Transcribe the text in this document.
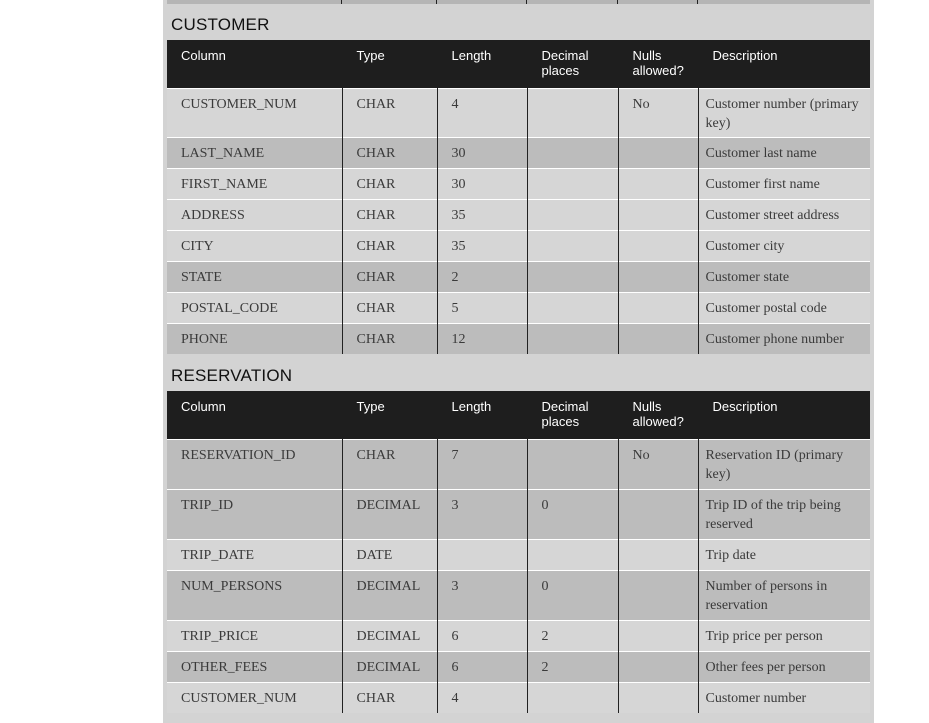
CUSTOMER
Column	Type	Length	Decimal places	Nulls allowed?	Description
CUSTOMER_NUM	CHAR	4		No	Customer number (primary key)
LAST_NAME	CHAR	30			Customer last name
FIRST_NAME	CHAR	30			Customer first name
ADDRESS	CHAR	35			Customer street address
CITY	CHAR	35			Customer city
STATE	CHAR	2			Customer state
POSTAL_CODE	CHAR	5			Customer postal code
PHONE	CHAR	12			Customer phone number
RESERVATION
Column	Type	Length	Decimal places	Nulls allowed?	Description
RESERVATION_ID	CHAR	7		No	Reservation ID (primary key)
TRIP_ID	DECIMAL	3	0		Trip ID of the trip being reserved
TRIP_DATE	DATE				Trip date
NUM_PERSONS	DECIMAL	3	0		Number of persons in reservation
TRIP_PRICE	DECIMAL	6	2		Trip price per person
OTHER_FEES	DECIMAL	6	2		Other fees per person
CUSTOMER_NUM	CHAR	4			Customer number
